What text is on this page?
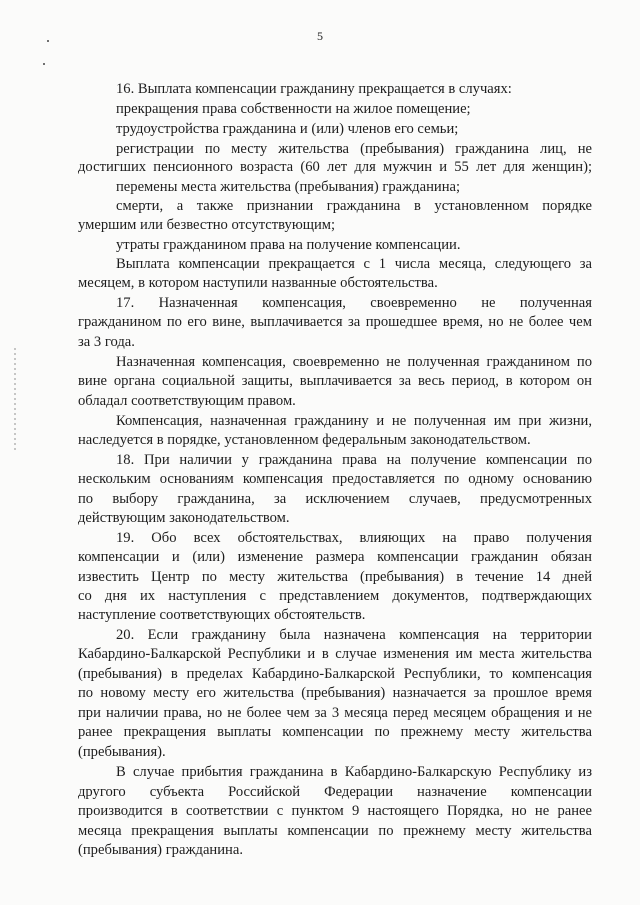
5
16. Выплата компенсации гражданину прекращается в случаях:
прекращения права собственности на жилое помещение;
трудоустройства гражданина и (или) членов его семьи;
регистрации по месту жительства (пребывания) гражданина лиц, не
достигших пенсионного возраста (60 лет для мужчин и 55 лет для женщин);
перемены места жительства (пребывания) гражданина;
смерти, а также признании гражданина в установленном порядке
умершим или безвестно отсутствующим;
утраты гражданином права на получение компенсации.
Выплата компенсации прекращается с 1 числа месяца, следующего за
месяцем, в котором наступили названные обстоятельства.
17. Назначенная компенсация, своевременно не полученная
гражданином по его вине, выплачивается за прошедшее время, но не более чем
за 3 года.
Назначенная компенсация, своевременно не полученная гражданином по
вине органа социальной защиты, выплачивается за весь период, в котором он
обладал соответствующим правом.
Компенсация, назначенная гражданину и не полученная им при жизни,
наследуется в порядке, установленном федеральным законодательством.
18. При наличии у гражданина права на получение компенсации по
нескольким основаниям компенсация предоставляется по одному основанию
по выбору гражданина, за исключением случаев, предусмотренных
действующим законодательством.
19. Обо всех обстоятельствах, влияющих на право получения
компенсации и (или) изменение размера компенсации гражданин обязан
известить Центр по месту жительства (пребывания) в течение 14 дней
со дня их наступления с представлением документов, подтверждающих
наступление соответствующих обстоятельств.
20. Если гражданину была назначена компенсация на территории
Кабардино-Балкарской Республики и в случае изменения им места жительства
(пребывания) в пределах Кабардино-Балкарской Республики, то компенсация
по новому месту его жительства (пребывания) назначается за прошлое время
при наличии права, но не более чем за 3 месяца перед месяцем обращения и не
ранее прекращения выплаты компенсации по прежнему месту жительства
(пребывания).
В случае прибытия гражданина в Кабардино-Балкарскую Республику из
другого субъекта Российской Федерации назначение компенсации
производится в соответствии с пунктом 9 настоящего Порядка, но не ранее
месяца прекращения выплаты компенсации по прежнему месту жительства
(пребывания) гражданина.
